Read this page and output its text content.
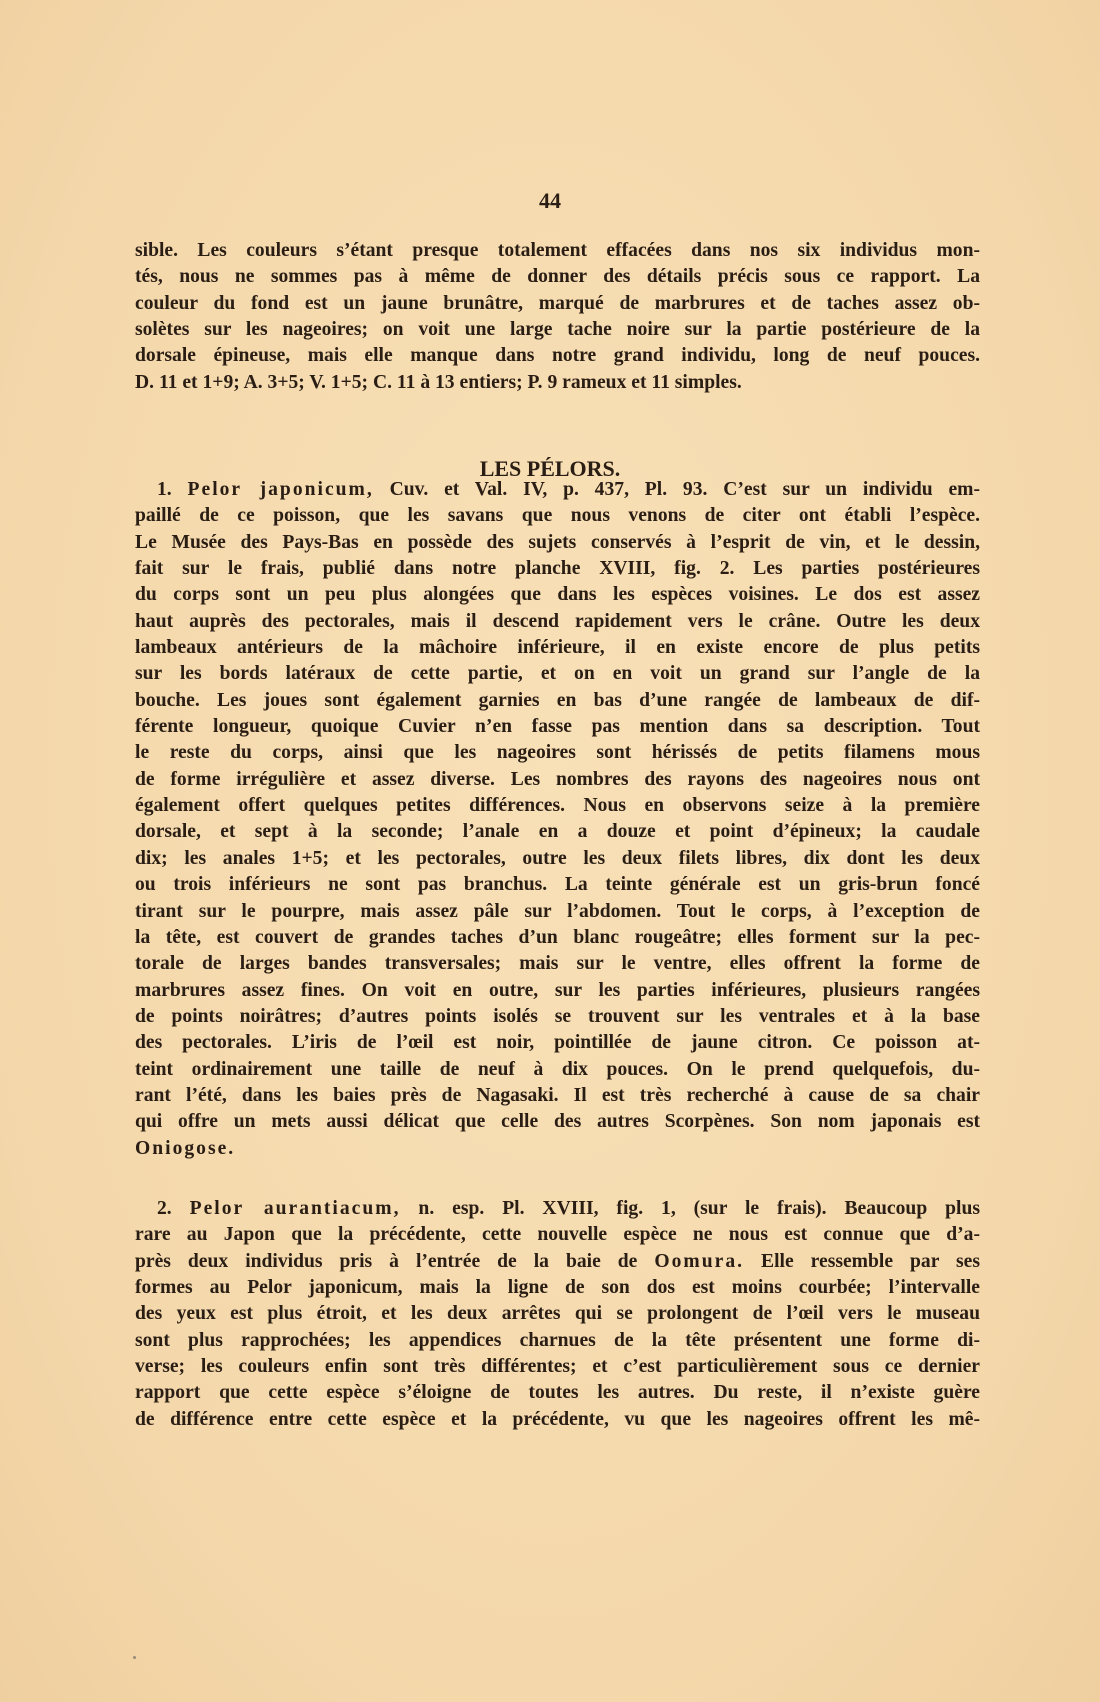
44
sible. Les couleurs s’étant presque totalement effacées dans nos six individus mon-
tés, nous ne sommes pas à même de donner des détails précis sous ce rapport. La
couleur du fond est un jaune brunâtre, marqué de marbrures et de taches assez ob-
solètes sur les nageoires; on voit une large tache noire sur la partie postérieure de la
dorsale épineuse, mais elle manque dans notre grand individu, long de neuf pouces.
D. 11 et 1+9; A. 3+5; V. 1+5; C. 11 à 13 entiers; P. 9 rameux et 11 simples.
LES PÉLORS.
1. Pelor japonicum, Cuv. et Val. IV, p. 437, Pl. 93. C’est sur un individu em-
paillé de ce poisson, que les savans que nous venons de citer ont établi l’espèce.
Le Musée des Pays-Bas en possède des sujets conservés à l’esprit de vin, et le dessin,
fait sur le frais, publié dans notre planche XVIII, fig. 2. Les parties postérieures
du corps sont un peu plus alongées que dans les espèces voisines. Le dos est assez
haut auprès des pectorales, mais il descend rapidement vers le crâne. Outre les deux
lambeaux antérieurs de la mâchoire inférieure, il en existe encore de plus petits
sur les bords latéraux de cette partie, et on en voit un grand sur l’angle de la
bouche. Les joues sont également garnies en bas d’une rangée de lambeaux de dif-
férente longueur, quoique Cuvier n’en fasse pas mention dans sa description. Tout
le reste du corps, ainsi que les nageoires sont hérissés de petits filamens mous
de forme irrégulière et assez diverse. Les nombres des rayons des nageoires nous ont
également offert quelques petites différences. Nous en observons seize à la première
dorsale, et sept à la seconde; l’anale en a douze et point d’épineux; la caudale
dix; les anales 1+5; et les pectorales, outre les deux filets libres, dix dont les deux
ou trois inférieurs ne sont pas branchus. La teinte générale est un gris-brun foncé
tirant sur le pourpre, mais assez pâle sur l’abdomen. Tout le corps, à l’exception de
la tête, est couvert de grandes taches d’un blanc rougeâtre; elles forment sur la pec-
torale de larges bandes transversales; mais sur le ventre, elles offrent la forme de
marbrures assez fines. On voit en outre, sur les parties inférieures, plusieurs rangées
de points noirâtres; d’autres points isolés se trouvent sur les ventrales et à la base
des pectorales. L’iris de l’œil est noir, pointillée de jaune citron. Ce poisson at-
teint ordinairement une taille de neuf à dix pouces. On le prend quelquefois, du-
rant l’été, dans les baies près de Nagasaki. Il est très recherché à cause de sa chair
qui offre un mets aussi délicat que celle des autres Scorpènes. Son nom japonais est
Oniogose.
2. Pelor aurantiacum, n. esp. Pl. XVIII, fig. 1, (sur le frais). Beaucoup plus
rare au Japon que la précédente, cette nouvelle espèce ne nous est connue que d’a-
près deux individus pris à l’entrée de la baie de Oomura. Elle ressemble par ses
formes au Pelor japonicum, mais la ligne de son dos est moins courbée; l’intervalle
des yeux est plus étroit, et les deux arrêtes qui se prolongent de l’œil vers le museau
sont plus rapprochées; les appendices charnues de la tête présentent une forme di-
verse; les couleurs enfin sont très différentes; et c’est particulièrement sous ce dernier
rapport que cette espèce s’éloigne de toutes les autres. Du reste, il n’existe guère
de différence entre cette espèce et la précédente, vu que les nageoires offrent les mê-
